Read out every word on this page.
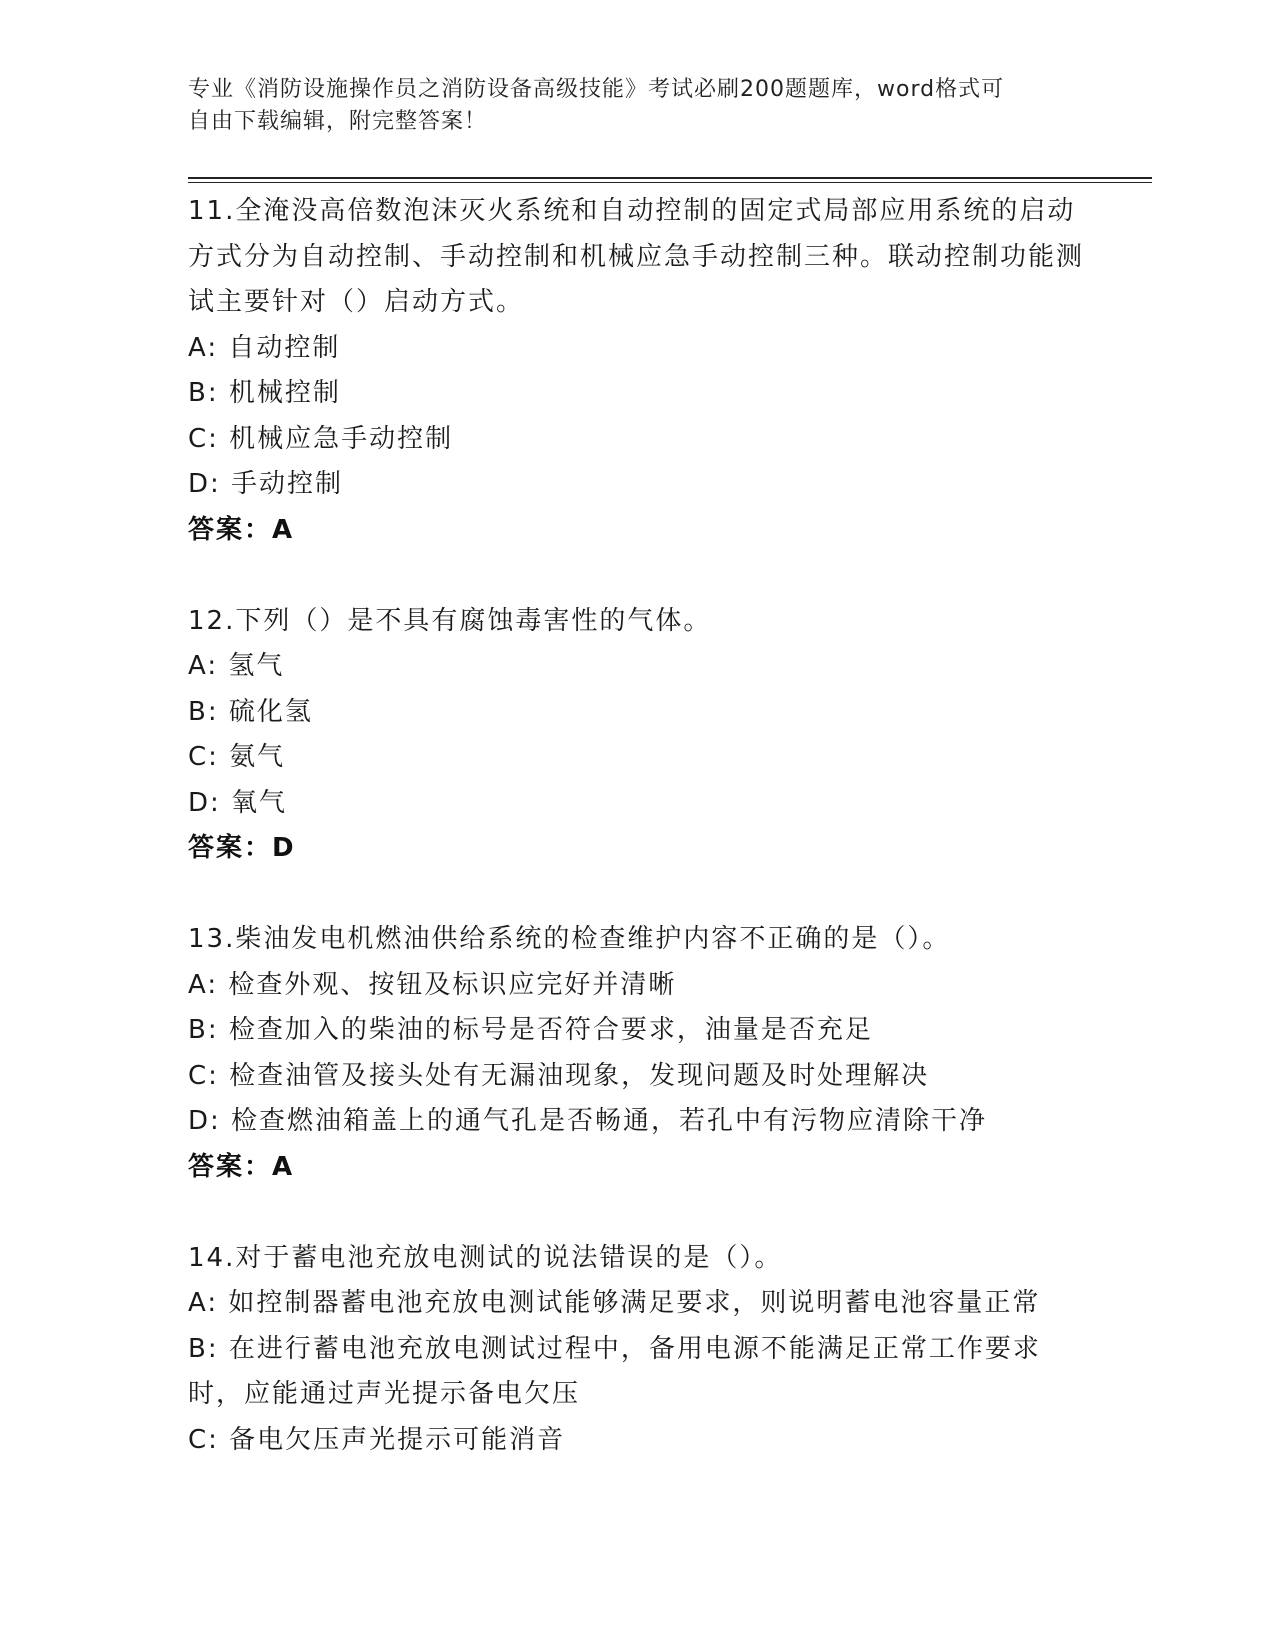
专业《消防设施操作员之消防设备高级技能》考试必刷200题题库，word格式可
自由下载编辑，附完整答案！

11.全淹没高倍数泡沫灭火系统和自动控制的固定式局部应用系统的启动方式分为自动控制、手动控制和机械应急手动控制三种。联动控制功能测试主要针对（）启动方式。

A: 自动控制

B: 机械控制

C: 机械应急手动控制

D: 手动控制

答案：A

12.下列（）是不具有腐蚀毒害性的气体。

A: 氢气

B: 硫化氢

C: 氨气

D: 氧气

答案：D

13.柴油发电机燃油供给系统的检查维护内容不正确的是（）。

A: 检查外观、按钮及标识应完好并清晰

B: 检查加入的柴油的标号是否符合要求，油量是否充足

C: 检查油管及接头处有无漏油现象，发现问题及时处理解决

D: 检查燃油箱盖上的通气孔是否畅通，若孔中有污物应清除干净

答案：A

14.对于蓄电池充放电测试的说法错误的是（）。

A: 如控制器蓄电池充放电测试能够满足要求，则说明蓄电池容量正常

B: 在进行蓄电池充放电测试过程中，备用电源不能满足正常工作要求时，应能通过声光提示备电欠压

C: 备电欠压声光提示可能消音
